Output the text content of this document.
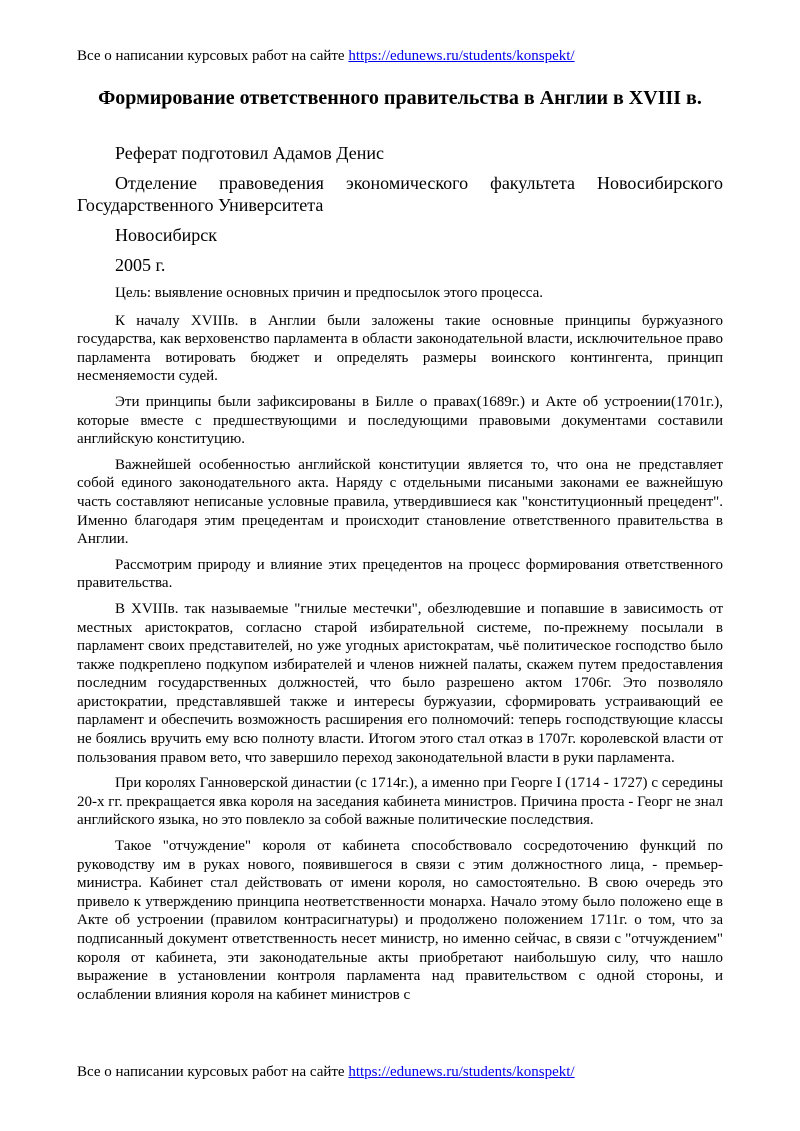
Все о написании курсовых работ на сайте https://edunews.ru/students/konspekt/
Формирование ответственного правительства в Англии в XVIII в.

Реферат подготовил Адамов Денис

Отделение правоведения экономического факультета Новосибирского Государственного Университета

Новосибирск

2005 г.

Цель: выявление основных причин и предпосылок этого процесса.

К началу XVIIIв. в Англии были заложены такие основные принципы буржуазного государства, как верховенство парламента в области законодательной власти, исключительное право парламента вотировать бюджет и определять размеры воинского контингента, принцип несменяемости судей.

Эти принципы были зафиксированы в Билле о правах(1689г.) и Акте об устроении(1701г.), которые вместе с предшествующими и последующими правовыми документами составили английскую конституцию.

Важнейшей особенностью английской конституции является то, что она не представляет собой единого законодательного акта. Наряду с отдельными писаными законами ее важнейшую часть составляют неписаные условные правила, утвердившиеся как "конституционный прецедент". Именно благодаря этим прецедентам и происходит становление ответственного правительства в Англии.

Рассмотрим природу и влияние этих прецедентов на процесс формирования ответственного правительства.

В XVIIIв. так называемые "гнилые местечки", обезлюдевшие и попавшие в зависимость от местных аристократов, согласно старой избирательной системе, по-прежнему посылали в парламент своих представителей, но уже угодных аристократам, чьё политическое господство было также подкреплено подкупом избирателей и членов нижней палаты, скажем путем предоставления последним государственных должностей, что было разрешено актом 1706г. Это позволяло аристократии, представлявшей также и интересы буржуазии, сформировать устраивающий ее парламент и обеспечить возможность расширения его полномочий: теперь господствующие классы не боялись вручить ему всю полноту власти. Итогом этого стал отказ в 1707г. королевской власти от пользования правом вето, что завершило переход законодательной власти в руки парламента.

При королях Ганноверской династии (с 1714г.), а именно при Георге I (1714 - 1727) с середины 20-х гг. прекращается явка короля на заседания кабинета министров. Причина проста - Георг не знал английского языка, но это повлекло за собой важные политические последствия.

Такое "отчуждение" короля от кабинета способствовало сосредоточению функций по руководству им в руках нового, появившегося в связи с этим должностного лица, - премьер-министра. Кабинет стал действовать от имени короля, но самостоятельно. В свою очередь это привело к утверждению принципа неответственности монарха. Начало этому было положено еще в Акте об устроении (правилом контрасигнатуры) и продолжено положением 1711г. о том, что за подписанный документ ответственность несет министр, но именно сейчас, в связи с "отчуждением" короля от кабинета, эти законодательные акты приобретают наибольшую силу, что нашло выражение в установлении контроля парламента над правительством с одной стороны, и ослаблении влияния короля на кабинет министров с

Все о написании курсовых работ на сайте https://edunews.ru/students/konspekt/
